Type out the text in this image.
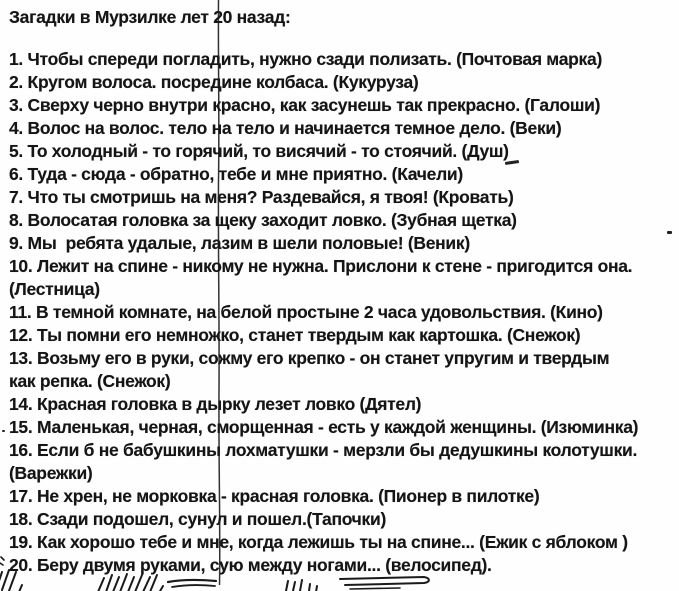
Загадки в Мурзилке лет 20 назад:
1. Чтобы спереди погладить, нужно сзади полизать. (Почтовая марка)
2. Кругом волоса. посредине колбаса. (Кукуруза)
3. Сверху черно внутри красно, как засунешь так прекрасно. (Галоши)
4. Волос на волос. тело на тело и начинается темное дело. (Веки)
5. То холодный - то горячий, то висячий - то стоячий. (Душ)
6. Туда - сюда - обратно, тебе и мне приятно. (Качели)
7. Что ты смотришь на меня? Раздевайся, я твоя! (Кровать)
8. Волосатая головка за щеку заходит ловко. (Зубная щетка)
9. Мы  ребята удалые, лазим в шели половые! (Веник)
10. Лежит на спине - никому не нужна. Прислони к стене - пригодится она.
(Лестница)
11. В темной комнате, на белой простыне 2 часа удовольствия. (Кино)
12. Ты помни его немножко, станет твердым как картошка. (Снежок)
13. Возьму его в руки, сожму его крепко - он станет упругим и твердым
как репка. (Снежок)
14. Красная головка в дырку лезет ловко (Дятел)
15. Маленькая, черная, сморщенная - есть у каждой женщины. (Изюминка)
16. Если б не бабушкины лохматушки - мерзли бы дедушкины колотушки.
(Варежки)
17. Не хрен, не морковка - красная головка. (Пионер в пилотке)
18. Сзади подошел, сунул и пошел.(Тапочки)
19. Как хорошо тебе и мне, когда лежишь ты на спине... (Ежик с яблоком )
20. Беру двумя руками, сую между ногами... (велосипед).
